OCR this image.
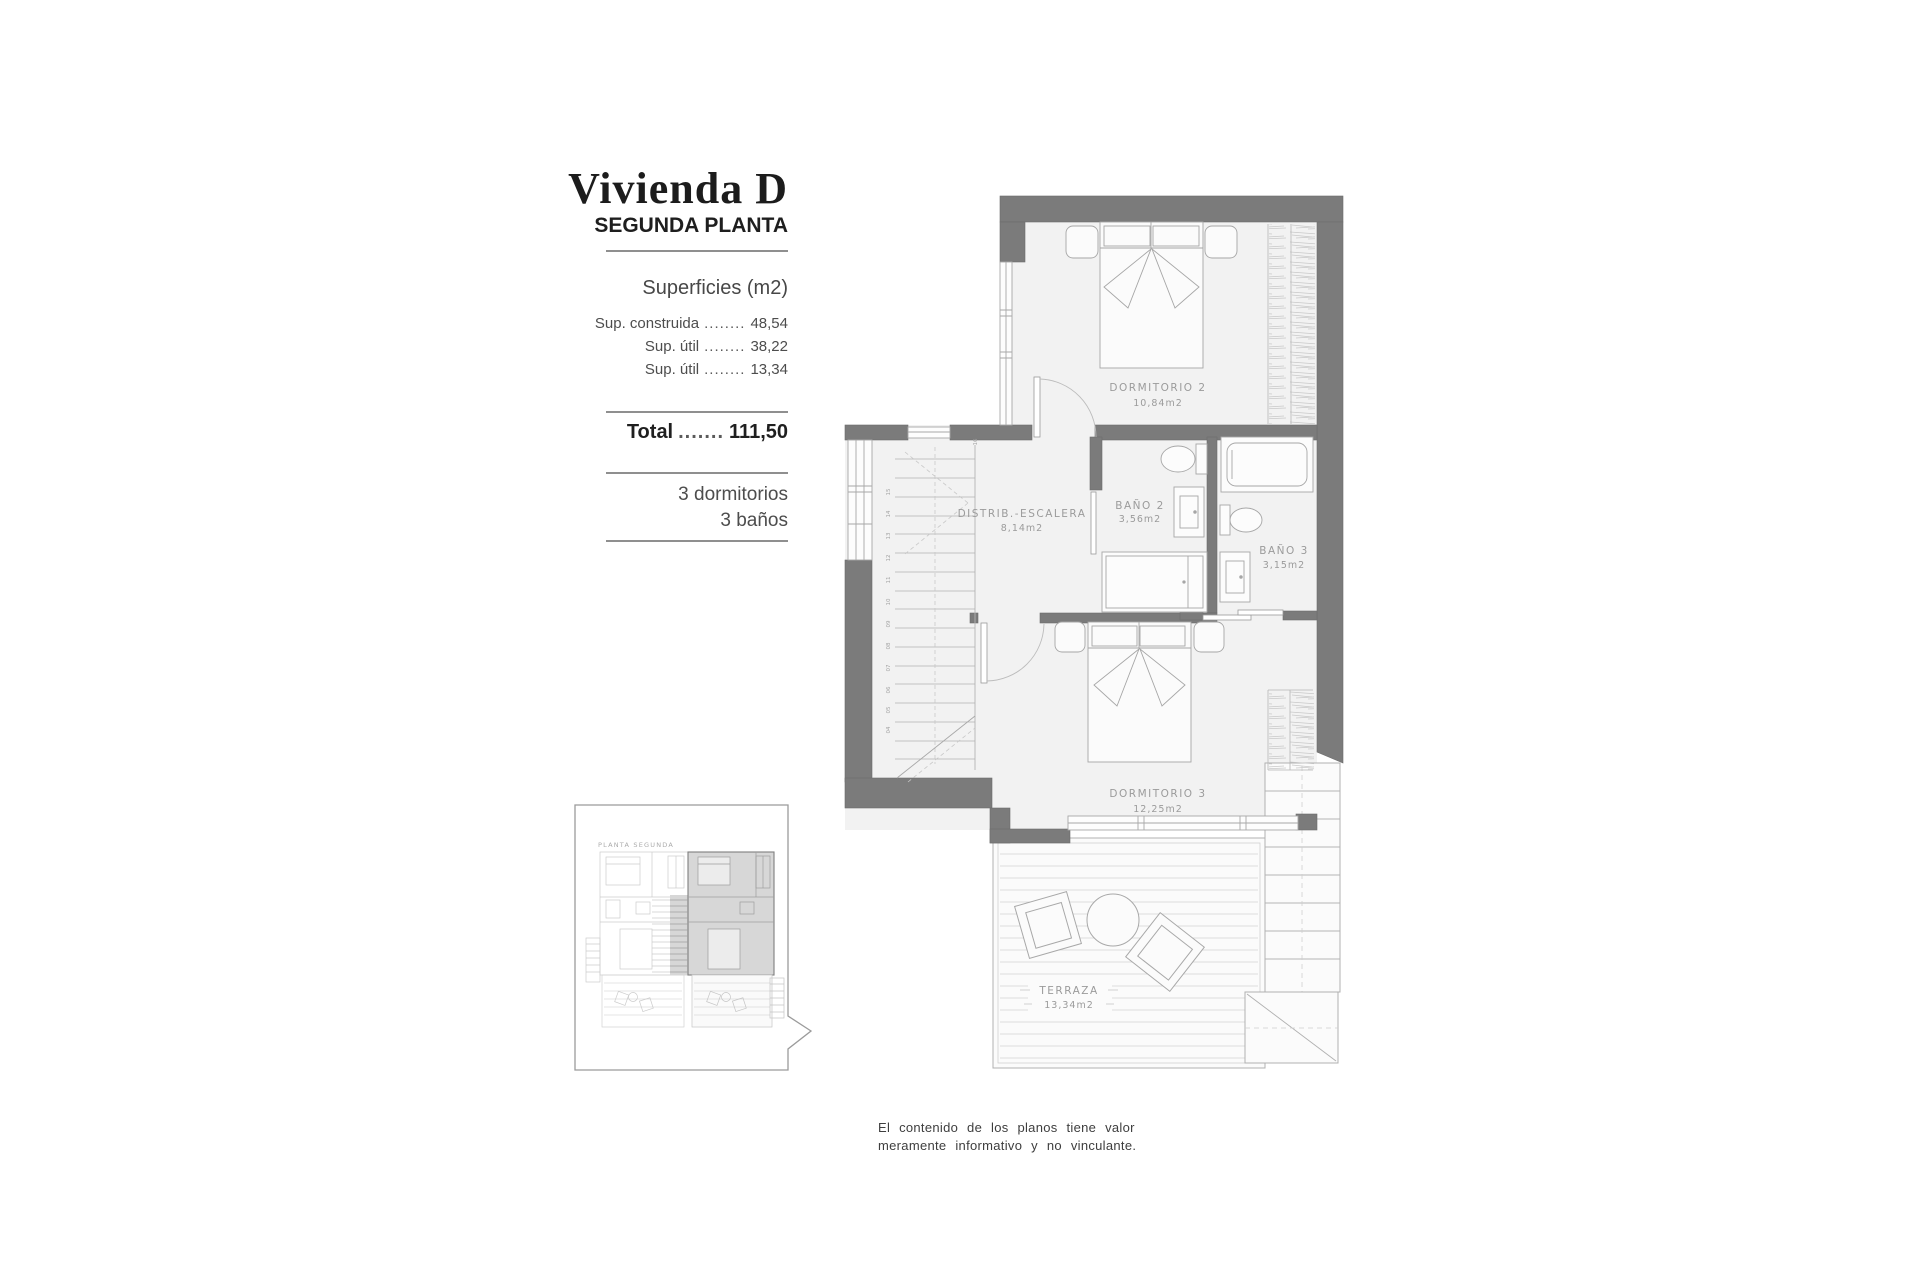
Vivienda D
SEGUNDA PLANTA
Superficies (m2)
Sup. construida ........ 48,54
Sup. útil ........ 38,22
Sup. útil ........ 13,34
Total ....... 111,50
3 dormitorios
3 baños
DORMITORIO 2
10,84m2
DISTRIB.-ESCALERA
8,14m2
BAÑO 2
3,56m2
BAÑO 3
3,15m2
DORMITORIO 3
12,25m2
TERRAZA
13,34m2
16
15
14
13
12
11
10
09
08
07
06
05
04
PLANTA SEGUNDA
El contenido de los planos tiene valor
meramente informativo y no vinculante.
